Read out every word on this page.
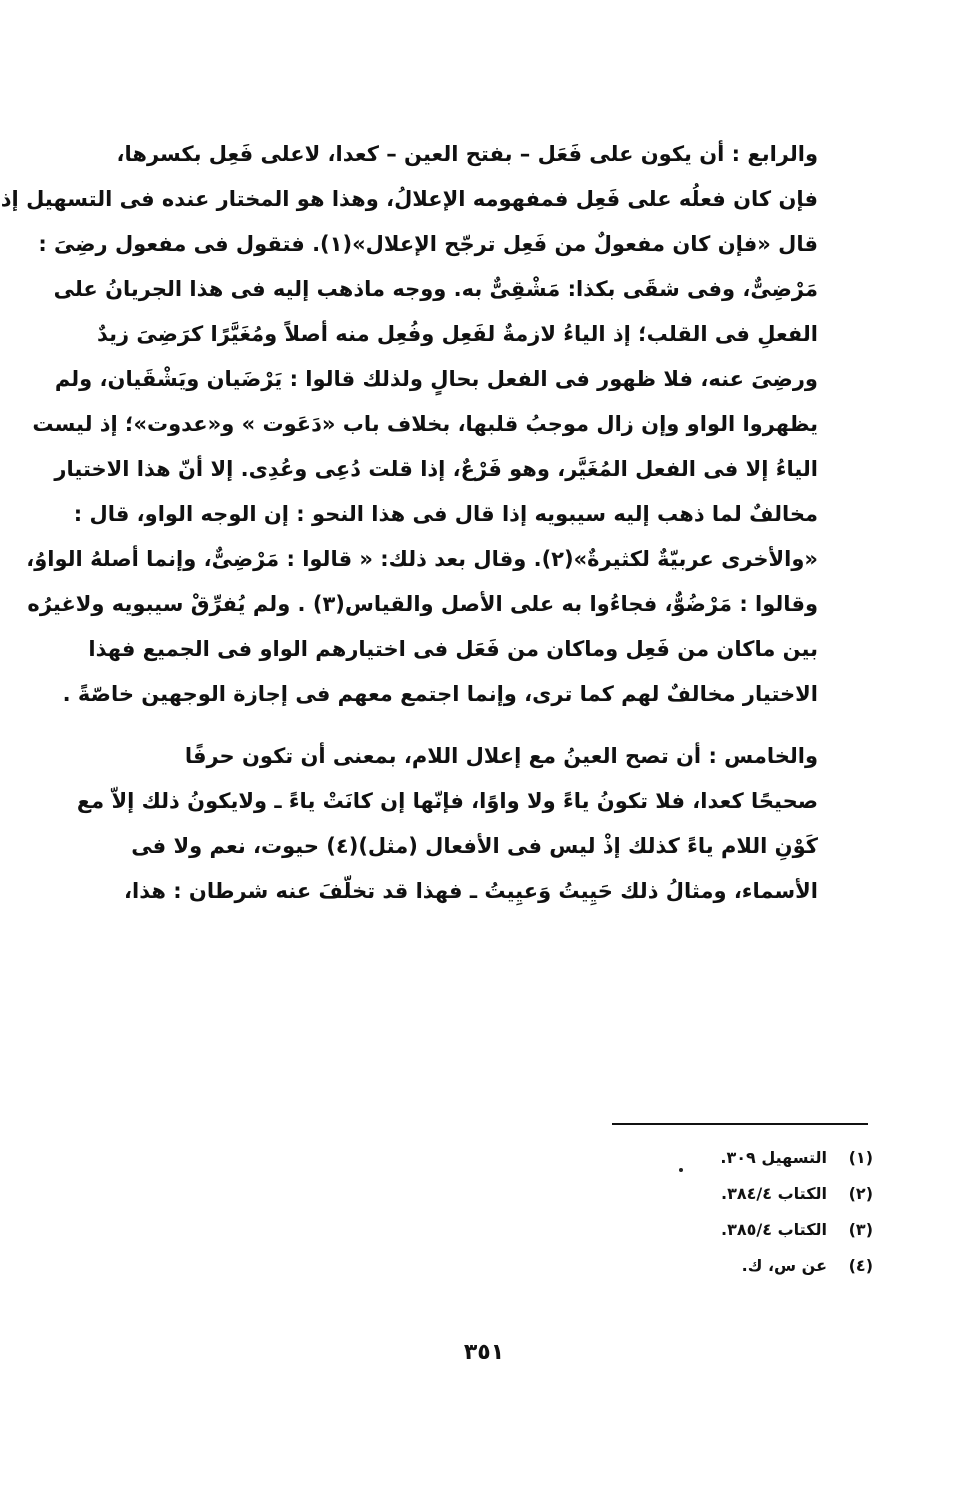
والرابع : أن يكون على فَعَل – بفتح العين – كعدا، لاعلى فَعِل بكسرها،
فإن كان فعلُه على فَعِل فمفهومه الإعلالُ، وهذا هو المختار عنده فى التسهيل إذ
قال «فإن كان مفعولٌ من فَعِل ترجّح الإعلال»(١). فتقول فى مفعول رضِىَ :
مَرْضِىٌّ، وفى شقَى بكذا: مَشْقِىٌّ به. ووجه ماذهب إليه فى هذا الجريانُ على
الفعلِ فى القلب؛ إذ الياءُ لازمةٌ لفَعِل وفُعِل منه أصلاً ومُغَيَّرًا كرَضِىَ زيدٌ
ورضِىَ عنه، فلا ظهور فى الفعل بحالٍ ولذلك قالوا : يَرْضَيان ويَشْقَيان، ولم
يظهروا الواو وإن زال موجبُ قلبها، بخلاف باب «دَعَوت » و«عدوت»؛ إذ ليست
الياءُ إلا فى الفعل المُغَيَّر، وهو فَرْعٌ، إذا قلت دُعِى وعُدِى. إلا أنّ هذا الاختيار
مخالفٌ لما ذهب إليه سيبويه إذا قال فى هذا النحو : إن الوجه الواو، قال :
«والأخرى عربيّةٌ لكثيرةٌ»(٢). وقال بعد ذلك: « قالوا : مَرْضِىٌّ، وإنما أصلهُ الواوُ،
وقالوا : مَرْضُوٌّ، فجاءُوا به على الأصل والقياس(٣) . ولم يُفرِّقْ سيبويه ولاغيرُه
بين ماكان من فَعِل وماكان من فَعَل فى اختيارهم الواو فى الجميع فهذا
الاختيار مخالفٌ لهم كما ترى، وإنما اجتمع معهم فى إجازة الوجهين خاصّةً .

والخامس : أن تصح العينُ مع إعلال اللام، بمعنى أن تكون حرفًا
صحيحًا كعدا، فلا تكونُ ياءً ولا واوًا، فإنّها إن كانَتْ ياءً ـ ولايكونُ ذلك إلاّ مع
كَوْنِ اللام ياءً كذلك إذْ ليس فى الأفعال (مثل)(٤) حيوت، نعم ولا فى
الأسماء، ومثالُ ذلك حَيِيتُ وَعيِيتُ ـ فهذا قد تخلّفَ عنه شرطان : هذا،

(١)
التسهيل ٣٠٩.
(٢)
الكتاب ٣٨٤/٤.
(٣)
الكتاب ٣٨٥/٤.
(٤)
عن س، ك.
٣٥١
